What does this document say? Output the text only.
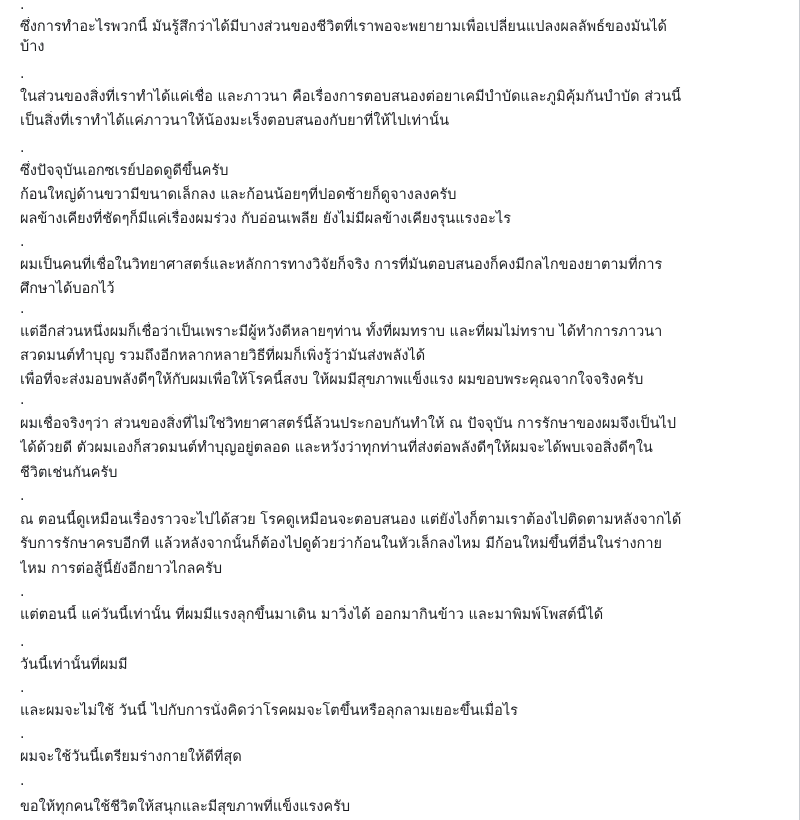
.
.
.
.
.
.
.
.
.
.
.
.
ซึ่งการทำอะไรพวกนี้ มันรู้สึกว่าได้มีบางส่วนของชีวิตที่เราพอจะพยายามเพื่อเปลี่ยนแปลงผลลัพธ์ของมันได้
บ้าง
ในส่วนของสิ่งที่เราทำได้แค่เชื่อ และภาวนา คือเรื่องการตอบสนองต่อยาเคมีบำบัดและภูมิคุ้มกันบำบัด ส่วนนี้
เป็นสิ่งที่เราทำได้แค่ภาวนาให้น้องมะเร็งตอบสนองกับยาที่ให้ไปเท่านั้น
ซึ่งปัจจุบันเอกซเรย์ปอดดูดีขึ้นครับ
ก้อนใหญ่ด้านขวามีขนาดเล็กลง และก้อนน้อยๆที่ปอดซ้ายก็ดูจางลงครับ
ผลข้างเคียงที่ชัดๆก็มีแค่เรื่องผมร่วง กับอ่อนเพลีย ยังไม่มีผลข้างเคียงรุนแรงอะไร
ผมเป็นคนที่เชื่อในวิทยาศาสตร์และหลักการทางวิจัยก็จริง การที่มันตอบสนองก็คงมีกลไกของยาตามที่การ
ศึกษาได้บอกไว้
แต่อีกส่วนหนึ่งผมก็เชื่อว่าเป็นเพราะมีผู้หวังดีหลายๆท่าน ทั้งที่ผมทราบ และที่ผมไม่ทราบ ได้ทำการภาวนา
สวดมนต์ทำบุญ รวมถึงอีกหลากหลายวิธีที่ผมก็เพิ่งรู้ว่ามันส่งพลังได้
เพื่อที่จะส่งมอบพลังดีๆให้กับผมเพื่อให้โรคนี้สงบ ให้ผมมีสุขภาพแข็งแรง ผมขอบพระคุณจากใจจริงครับ
ผมเชื่อจริงๆว่า ส่วนของสิ่งที่ไม่ใช่วิทยาศาสตร์นี้ล้วนประกอบกันทำให้ ณ ปัจจุบัน การรักษาของผมจึงเป็นไป
ได้ด้วยดี ตัวผมเองก็สวดมนต์ทำบุญอยู่ตลอด และหวังว่าทุกท่านที่ส่งต่อพลังดีๆให้ผมจะได้พบเจอสิ่งดีๆใน
ชีวิตเช่นกันครับ
ณ ตอนนี้ดูเหมือนเรื่องราวจะไปได้สวย โรคดูเหมือนจะตอบสนอง แต่ยังไงก็ตามเราต้องไปติดตามหลังจากได้
รับการรักษาครบอีกที แล้วหลังจากนั้นก็ต้องไปดูด้วยว่าก้อนในหัวเล็กลงไหม มีก้อนใหม่ขึ้นที่อื่นในร่างกาย
ไหม การต่อสู้นี้ยังอีกยาวไกลครับ
แต่ตอนนี้ แค่วันนี้เท่านั้น ที่ผมมีแรงลุกขึ้นมาเดิน มาวิ่งได้ ออกมากินข้าว และมาพิมพ์โพสต์นี้ได้
วันนี้เท่านั้นที่ผมมี
และผมจะไม่ใช้ วันนี้ ไปกับการนั่งคิดว่าโรคผมจะโตขึ้นหรือลุกลามเยอะขึ้นเมื่อไร
ผมจะใช้วันนี้เตรียมร่างกายให้ดีที่สุด
ขอให้ทุกคนใช้ชีวิตให้สนุกและมีสุขภาพที่แข็งแรงครับ
